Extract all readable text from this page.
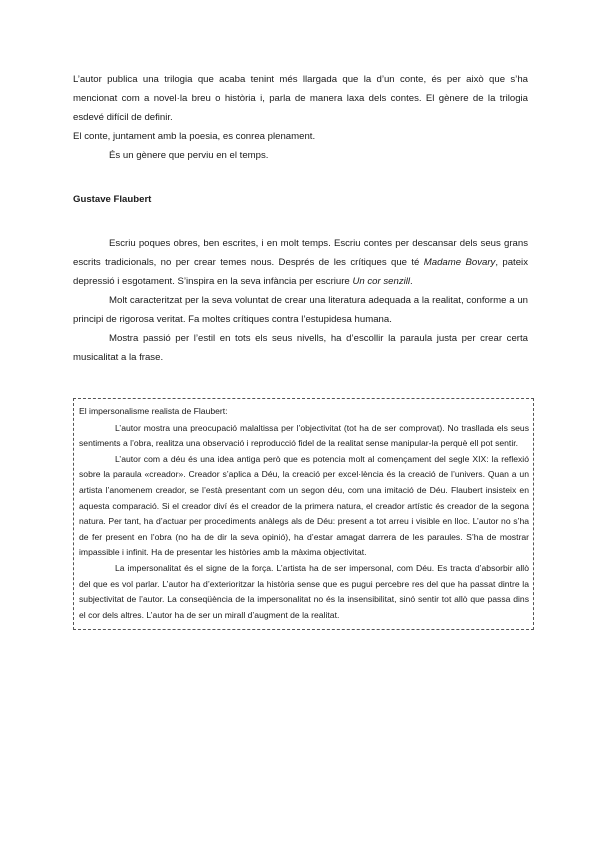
L’autor publica una trilogia que acaba tenint més llargada que la d’un conte, és per això que s’ha mencionat com a novel·la breu o història i, parla de manera laxa dels contes. El gènere de la trilogia esdevé difícil de definir.

El conte, juntament amb la poesia, es conrea plenament.

És un gènere que perviu en el temps.

Gustave Flaubert

Escriu poques obres, ben escrites, i en molt temps. Escriu contes per descansar dels seus grans escrits tradicionals, no per crear temes nous. Després de les crítiques que té Madame Bovary, pateix depressió i esgotament. S’inspira en la seva infància per escriure Un cor senzill.

Molt caracteritzat per la seva voluntat de crear una literatura adequada a la realitat, conforme a un principi de rigorosa veritat. Fa moltes crítiques contra l’estupidesa humana.

Mostra passió per l’estil en tots els seus nivells, ha d’escollir la paraula justa per crear certa musicalitat a la frase.

El impersonalisme realista de Flaubert:

L’autor mostra una preocupació malaltissa per l’objectivitat (tot ha de ser comprovat). No trasllada els seus sentiments a l’obra, realitza una observació i reproducció fidel de la realitat sense manipular-la perquè ell pot sentir.

L’autor com a déu és una idea antiga però que es potencia molt al començament del segle XIX: la reflexió sobre la paraula «creador». Creador s’aplica a Déu, la creació per excel·lència és la creació de l’univers. Quan a un artista l’anomenem creador, se l’està presentant com un segon déu, com una imitació de Déu. Flaubert insisteix en aquesta comparació. Si el creador diví és el creador de la primera natura, el creador artístic és creador de la segona natura. Per tant, ha d’actuar per procediments anàlegs als de Déu: present a tot arreu i visible en lloc. L’autor no s’ha de fer present en l’obra (no ha de dir la seva opinió), ha d’estar amagat darrera de les paraules. S’ha de mostrar impassible i infinit. Ha de presentar les històries amb la màxima objectivitat.

La impersonalitat és el signe de la força. L’artista ha de ser impersonal, com Déu. Es tracta d’absorbir allò del que es vol parlar. L’autor ha d’exterioritzar la història sense que es pugui percebre res del que ha passat dintre la subjectivitat de l’autor. La conseqüència de la impersonalitat no és la insensibilitat, sinó sentir tot allò que passa dins el cor dels altres. L’autor ha de ser un mirall d’augment de la realitat.
